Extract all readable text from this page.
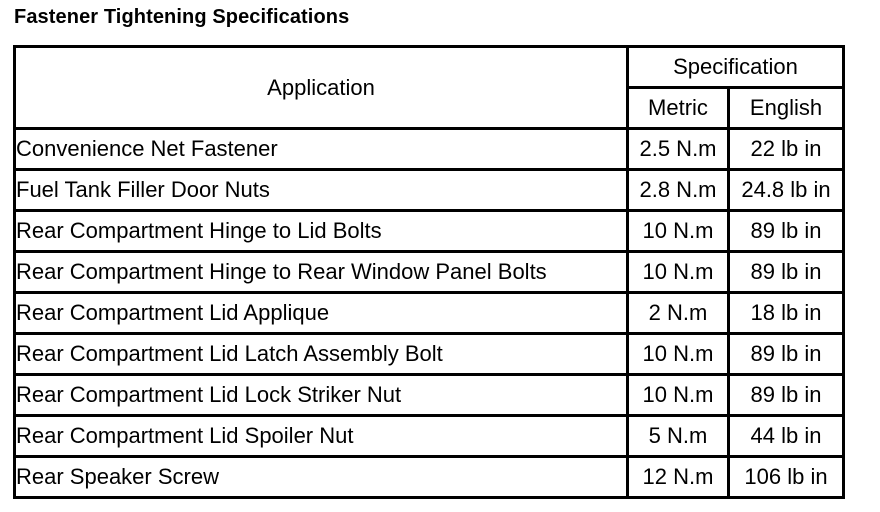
Fastener Tightening Specifications
Application	Specification	
	Metric	English
Convenience Net Fastener	2.5 N.m	22 lb in
Fuel Tank Filler Door Nuts	2.8 N.m	24.8 lb in
Rear Compartment Hinge to Lid Bolts	10 N.m	89 lb in
Rear Compartment Hinge to Rear Window Panel Bolts	10 N.m	89 lb in
Rear Compartment Lid Applique	2 N.m	18 lb in
Rear Compartment Lid Latch Assembly Bolt	10 N.m	89 lb in
Rear Compartment Lid Lock Striker Nut	10 N.m	89 lb in
Rear Compartment Lid Spoiler Nut	5 N.m	44 lb in
Rear Speaker Screw	12 N.m	106 lb in
